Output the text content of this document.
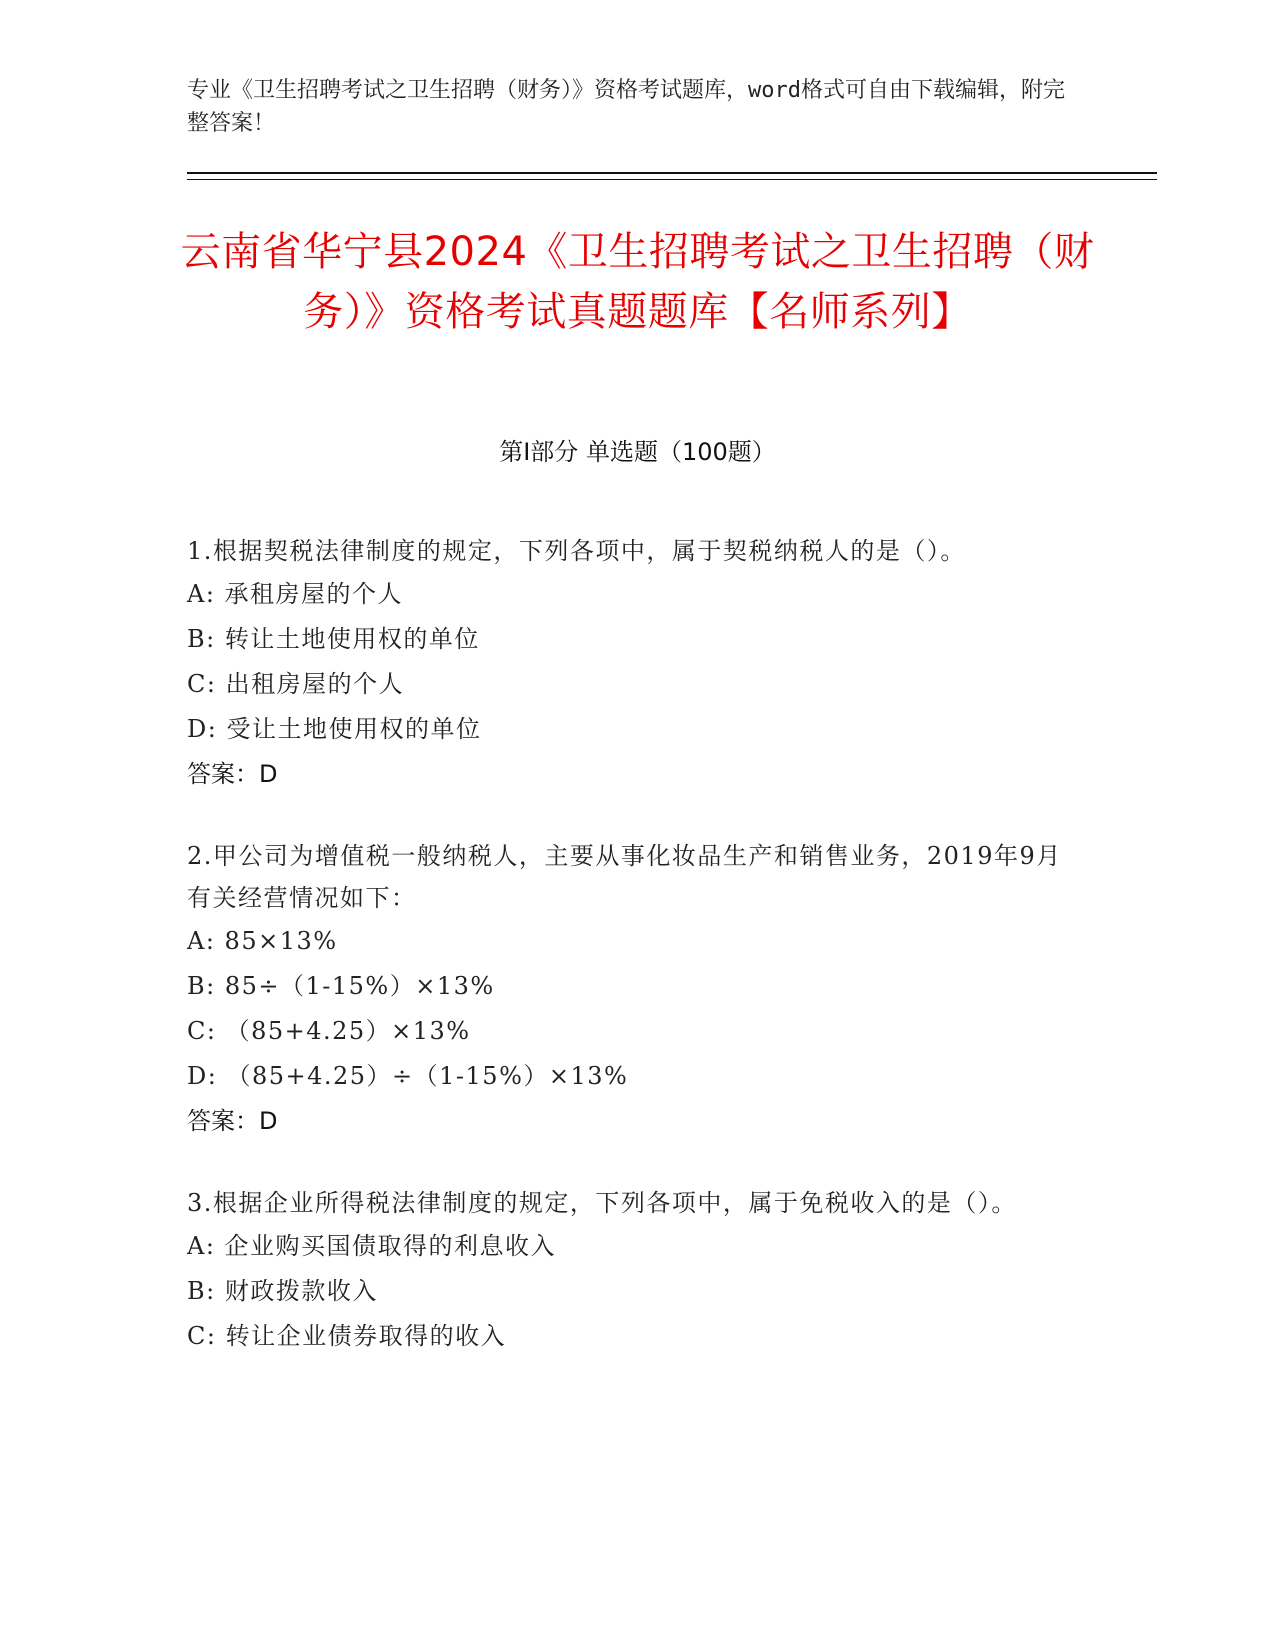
专业《卫生招聘考试之卫生招聘（财务）》资格考试题库，word格式可自由下载编辑，附完整答案！
云南省华宁县2024《卫生招聘考试之卫生招聘（财务）》资格考试真题题库【名师系列】
第Ⅰ部分 单选题（100题）
1.根据契税法律制度的规定，下列各项中，属于契税纳税人的是（）。
A: 承租房屋的个人
B: 转让土地使用权的单位
C: 出租房屋的个人
D: 受让土地使用权的单位
答案：D
2.甲公司为增值税一般纳税人，主要从事化妆品生产和销售业务，2019年9月有关经营情况如下：
A: 85×13%
B: 85÷（1-15%）×13%
C: （85+4.25）×13%
D: （85+4.25）÷（1-15%）×13%
答案：D
3.根据企业所得税法律制度的规定，下列各项中，属于免税收入的是（）。
A: 企业购买国债取得的利息收入
B: 财政拨款收入
C: 转让企业债券取得的收入
